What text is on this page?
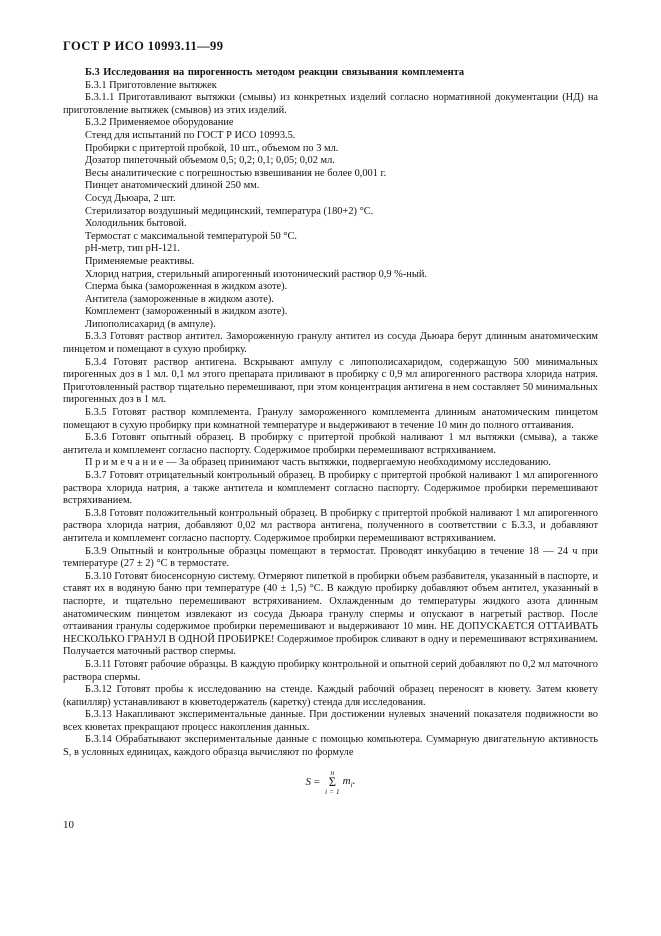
ГОСТ Р ИСО 10993.11—99

Б.3 Исследования на пирогенность методом реакции связывания комплемента

Б.3.1 Приготовление вытяжек

Б.3.1.1 Приготавливают вытяжки (смывы) из конкретных изделий согласно нормативной документации (НД) на приготовление вытяжек (смывов) из этих изделий.

Б.3.2 Применяемое оборудование

Стенд для испытаний по ГОСТ Р ИСО 10993.5.

Пробирки с притертой пробкой, 10 шт., объемом по 3 мл.

Дозатор пипеточный объемом 0,5; 0,2; 0,1; 0,05; 0,02 мл.

Весы аналитические с погрешностью взвешивания не более 0,001 г.

Пинцет анатомический длиной 250 мм.

Сосуд Дьюара, 2 шт.

Стерилизатор воздушный медицинский, температура (180+2) °С.

Холодильник бытовой.

Термостат с максимальной температурой 50 °С.

рН-метр, тип рН-121.

Применяемые реактивы.

Хлорид натрия, стерильный апирогенный изотонический раствор 0,9 %-ный.

Сперма быка (замороженная в жидком азоте).

Антитела (замороженные в жидком азоте).

Комплемент (замороженный в жидком азоте).

Липополисахарид (в ампуле).

Б.3.3 Готовят раствор антител. Замороженную гранулу антител из сосуда Дьюара берут длинным анатомическим пинцетом и помещают в сухую пробирку.

Б.3.4 Готовят раствор антигена. Вскрывают ампулу с липополисахаридом, содержащую 500 минимальных пирогенных доз в 1 мл. 0,1 мл этого препарата приливают в пробирку с 0,9 мл апирогенного раствора хлорида натрия. Приготовленный раствор тщательно перемешивают, при этом концентрация антигена в нем составляет 50 минимальных пирогенных доз в 1 мл.

Б.3.5 Готовят раствор комплемента. Гранулу замороженного комплемента длинным анатомическим пинцетом помещают в сухую пробирку при комнатной температуре и выдерживают в течение 10 мин до полного оттаивания.

Б.3.6 Готовят опытный образец. В пробирку с притертой пробкой наливают 1 мл вытяжки (смыва), а также антитела и комплемент согласно паспорту. Содержимое пробирки перемешивают встряхиванием.

П р и м е ч а н и е — За образец принимают часть вытяжки, подвергаемую необходимому исследованию.

Б.3.7 Готовят отрицательный контрольный образец. В пробирку с притертой пробкой наливают 1 мл апирогенного раствора хлорида натрия, а также антитела и комплемент согласно паспорту. Содержимое пробирки перемешивают встряхиванием.

Б.3.8 Готовят положительный контрольный образец. В пробирку с притертой пробкой наливают 1 мл апирогенного раствора хлорида натрия, добавляют 0,02 мл раствора антигена, полученного в соответствии с Б.3.3, и добавляют антитела и комплемент согласно паспорту. Содержимое пробирки перемешивают встряхиванием.

Б.3.9 Опытный и контрольные образцы помещают в термостат. Проводят инкубацию в течение 18 — 24 ч при температуре (27 ± 2) °С в термостате.

Б.3.10 Готовят биосенсорную систему. Отмеряют пипеткой в пробирки объем разбавителя, указанный в паспорте, и ставят их в водяную баню при температуре (40 ± 1,5) °С. В каждую пробирку добавляют объем антител, указанный в паспорте, и тщательно перемешивают встряхиванием. Охлажденным до температуры жидкого азота длинным анатомическим пинцетом извлекают из сосуда Дьюара гранулу спермы и опускают в нагретый раствор. После оттаивания гранулы содержимое пробирки перемешивают и выдерживают 10 мин. НЕ ДОПУСКАЕТСЯ ОТТАИВАТЬ НЕСКОЛЬКО ГРАНУЛ В ОДНОЙ ПРОБИРКЕ! Содержимое пробирок сливают в одну и перемешивают встряхиванием. Получается маточный раствор спермы.

Б.3.11 Готовят рабочие образцы. В каждую пробирку контрольной и опытной серий добавляют по 0,2 мл маточного раствора спермы.

Б.3.12 Готовят пробы к исследованию на стенде. Каждый рабочий образец переносят в кювету. Затем кювету (капилляр) устанавливают в кюветодержатель (каретку) стенда для исследования.

Б.3.13 Накапливают экспериментальные данные. При достижении нулевых значений показателя подвижности во всех кюветах прекращают процесс накопления данных.

Б.3.14 Обрабатывают экспериментальные данные с помощью компьютера. Суммарную двигательную активность S, в условных единицах, каждого образца вычисляют по формуле

S
=
n
Σ
i = 1
$m_i$.
10
